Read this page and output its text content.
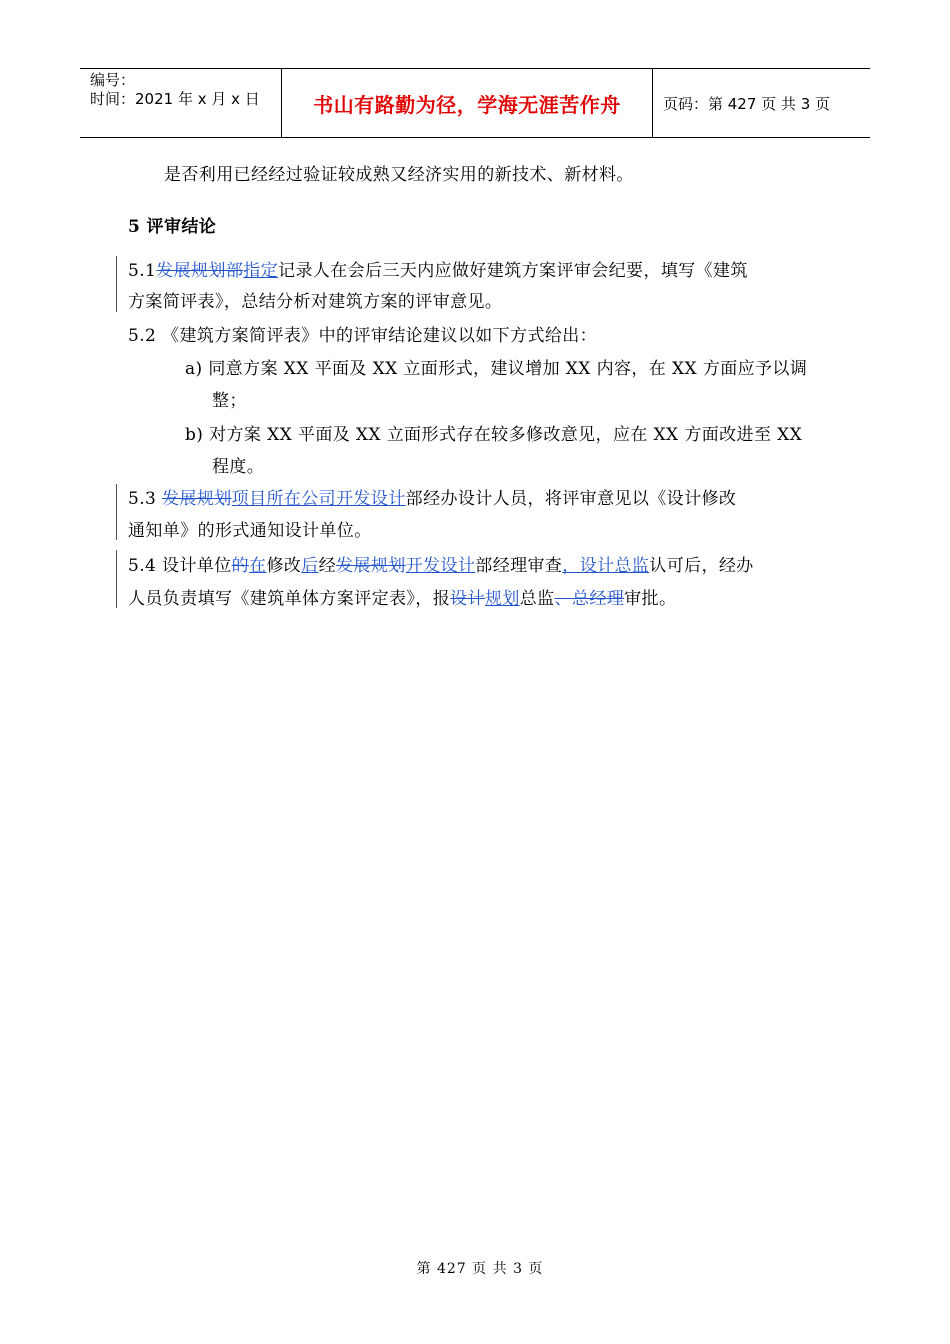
编号：
时间：2021 年 x 月 x 日	书山有路勤为径，学海无涯苦作舟	页码：第 427 页 共 3 页
是否利用已经经过验证较成熟又经济实用的新技术、新材料。
5 评审结论
5.1发展规划部指定记录人在会后三天内应做好建筑方案评审会纪要，填写《建筑
方案简评表》，总结分析对建筑方案的评审意见。
5.2 《建筑方案简评表》中的评审结论建议以如下方式给出：
a) 同意方案 XX 平面及 XX 立面形式，建议增加 XX 内容，在 XX 方面应予以调
整；
b) 对方案 XX 平面及 XX 立面形式存在较多修改意见，应在 XX 方面改进至 XX
程度。
5.3 发展规划项目所在公司开发设计部经办设计人员，将评审意见以《设计修改
通知单》的形式通知设计单位。
5.4 设计单位的在修改后经发展规划开发设计部经理审查，设计总监认可后，经办
人员负责填写《建筑单体方案评定表》，报设计规划总监、总经理审批。
第 427 页 共 3 页
